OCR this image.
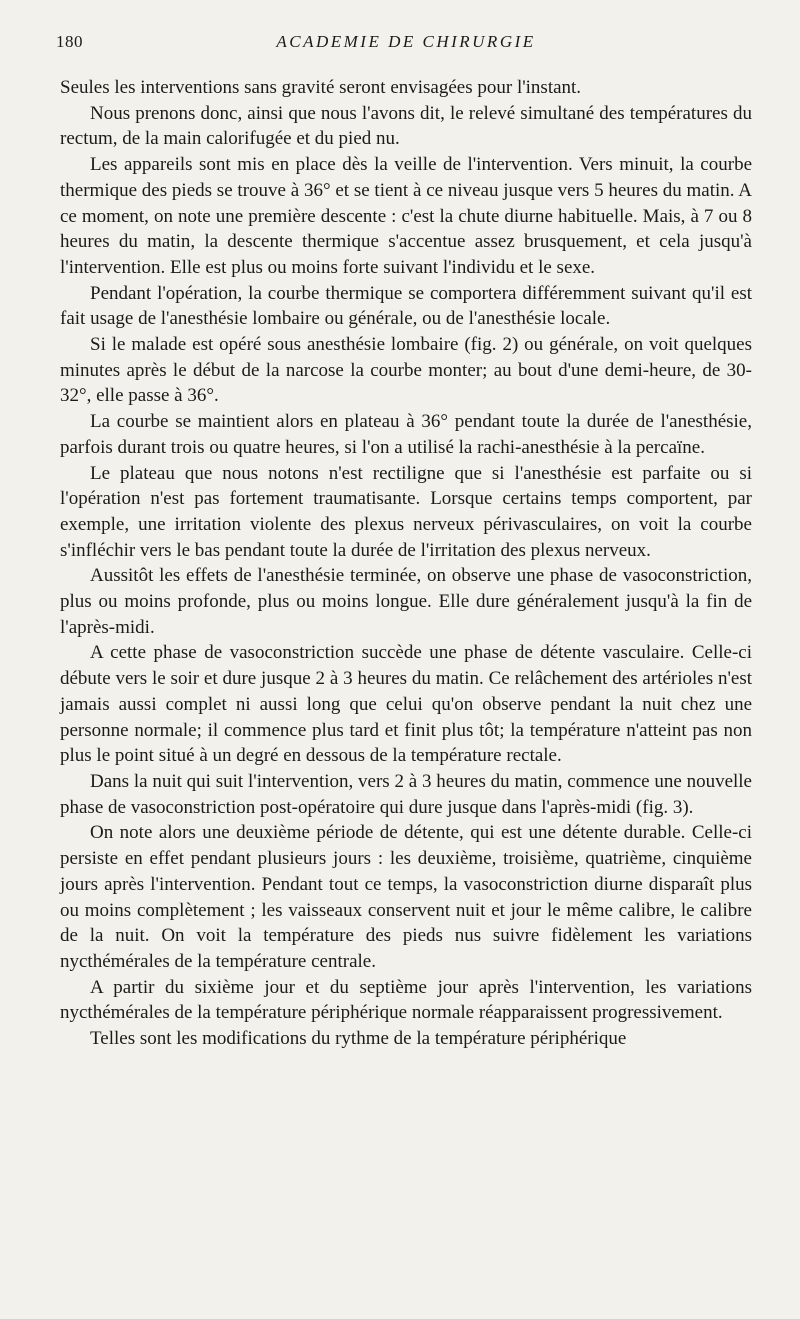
180	ACADEMIE DE CHIRURGIE

Seules les interventions sans gravité seront envisagées pour l'instant.

Nous prenons donc, ainsi que nous l'avons dit, le relevé simultané des températures du rectum, de la main calorifugée et du pied nu.

Les appareils sont mis en place dès la veille de l'intervention. Vers minuit, la courbe thermique des pieds se trouve à 36° et se tient à ce niveau jusque vers 5 heures du matin. A ce moment, on note une première descente : c'est la chute diurne habituelle. Mais, à 7 ou 8 heures du matin, la descente thermique s'accentue assez brusquement, et cela jusqu'à l'intervention. Elle est plus ou moins forte suivant l'individu et le sexe.

Pendant l'opération, la courbe thermique se comportera différemment suivant qu'il est fait usage de l'anesthésie lombaire ou générale, ou de l'anesthésie locale.

Si le malade est opéré sous anesthésie lombaire (fig. 2) ou générale, on voit quelques minutes après le début de la narcose la courbe monter; au bout d'une demi-heure, de 30-32°, elle passe à 36°.

La courbe se maintient alors en plateau à 36° pendant toute la durée de l'anesthésie, parfois durant trois ou quatre heures, si l'on a utilisé la rachi-anesthésie à la percaïne.

Le plateau que nous notons n'est rectiligne que si l'anesthésie est parfaite ou si l'opération n'est pas fortement traumatisante. Lorsque certains temps comportent, par exemple, une irritation violente des plexus nerveux périvasculaires, on voit la courbe s'infléchir vers le bas pendant toute la durée de l'irritation des plexus nerveux.

Aussitôt les effets de l'anesthésie terminée, on observe une phase de vasoconstriction, plus ou moins profonde, plus ou moins longue. Elle dure généralement jusqu'à la fin de l'après-midi.

A cette phase de vasoconstriction succède une phase de détente vasculaire. Celle-ci débute vers le soir et dure jusque 2 à 3 heures du matin. Ce relâchement des artérioles n'est jamais aussi complet ni aussi long que celui qu'on observe pendant la nuit chez une personne normale; il commence plus tard et finit plus tôt; la température n'atteint pas non plus le point situé à un degré en dessous de la température rectale.

Dans la nuit qui suit l'intervention, vers 2 à 3 heures du matin, commence une nouvelle phase de vasoconstriction post-opératoire qui dure jusque dans l'après-midi (fig. 3).

On note alors une deuxième période de détente, qui est une détente durable. Celle-ci persiste en effet pendant plusieurs jours : les deuxième, troisième, quatrième, cinquième jours après l'intervention. Pendant tout ce temps, la vasoconstriction diurne disparaît plus ou moins complètement ; les vaisseaux conservent nuit et jour le même calibre, le calibre de la nuit. On voit la température des pieds nus suivre fidèlement les variations nycthémérales de la température centrale.

A partir du sixième jour et du septième jour après l'intervention, les variations nycthémérales de la température périphérique normale réapparaissent progressivement.

Telles sont les modifications du rythme de la température périphérique
